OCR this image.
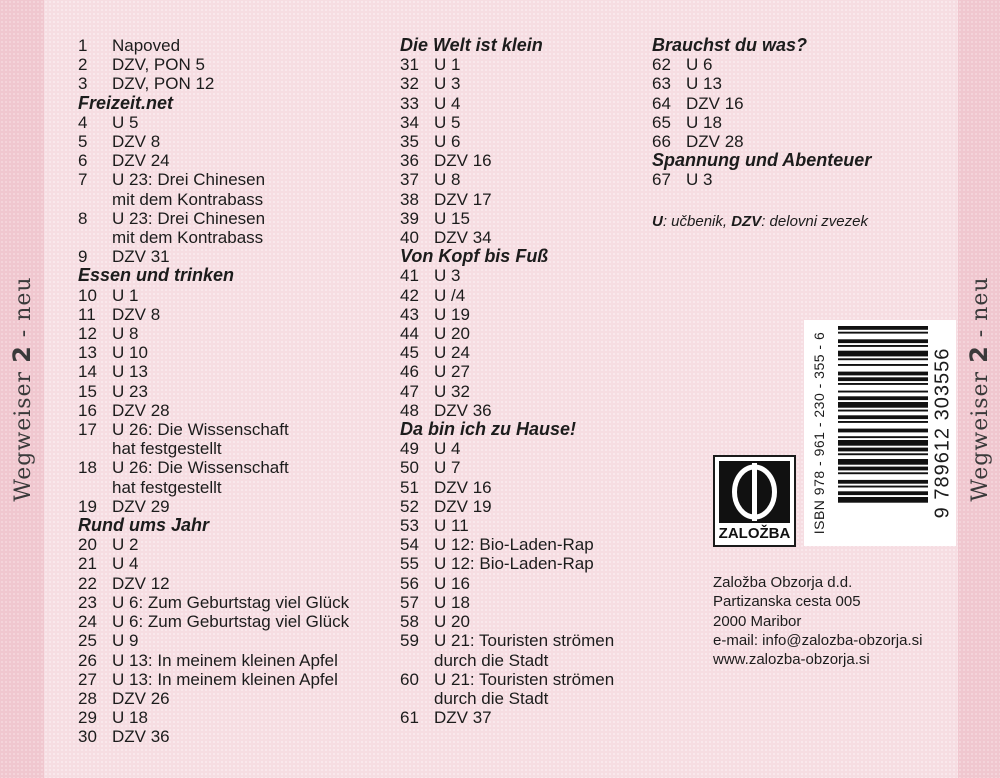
Wegweiser 2 - neu
Wegweiser 2 - neu
1	Napoved
2	DZV, PON 5
3	DZV, PON 12
Freizeit.net
4	U 5
5	DZV 8
6	DZV 24
7	U 23: Drei Chinesen
mit dem Kontrabass
8	U 23: Drei Chinesen
mit dem Kontrabass
9	DZV 31
Essen und trinken
10 U 1
11 DZV 8
12 U 8
13 U 10
14 U 13
15 U 23
16 DZV 28
17 U 26: Die Wissenschaft
hat festgestellt
18 U 26: Die Wissenschaft
hat festgestellt
19 DZV 29
Rund ums Jahr
20 U 2
21 U 4
22 DZV 12
23 U 6: Zum Geburtstag viel Glück
24 U 6: Zum Geburtstag viel Glück
25 U 9
26 U 13: In meinem kleinen Apfel
27 U 13: In meinem kleinen Apfel
28 DZV 26
29 U 18
30 DZV 36
Die Welt ist klein
31 U 1
32 U 3
33 U 4
34 U 5
35 U 6
36 DZV 16
37 U 8
38 DZV 17
39 U 15
40 DZV 34
Von Kopf bis Fuß
41 U 3
42 U /4
43 U 19
44 U 20
45 U 24
46 U 27
47 U 32
48 DZV 36
Da bin ich zu Hause!
49 U 4
50 U 7
51 DZV 16
52 DZV 19
53 U 11
54 U 12: Bio-Laden-Rap
55 U 12: Bio-Laden-Rap
56 U 16
57 U 18
58 U 20
59 U 21: Touristen strömen
durch die Stadt
60 U 21: Touristen strömen
durch die Stadt
61 DZV 37
Brauchst du was?
62 U 6
63 U 13
64 DZV 16
65 U 18
66 DZV 28
Spannung und Abenteuer
67 U 3
U: učbenik, DZV: delovni zvezek
ISBN 978 - 961 - 230 - 355 - 6	9 789612 303556
ZALOŽBA
Založba Obzorja d.d.
Partizanska cesta 005
2000 Maribor
e-mail: info@zalozba-obzorja.si
www.zalozba-obzorja.si
